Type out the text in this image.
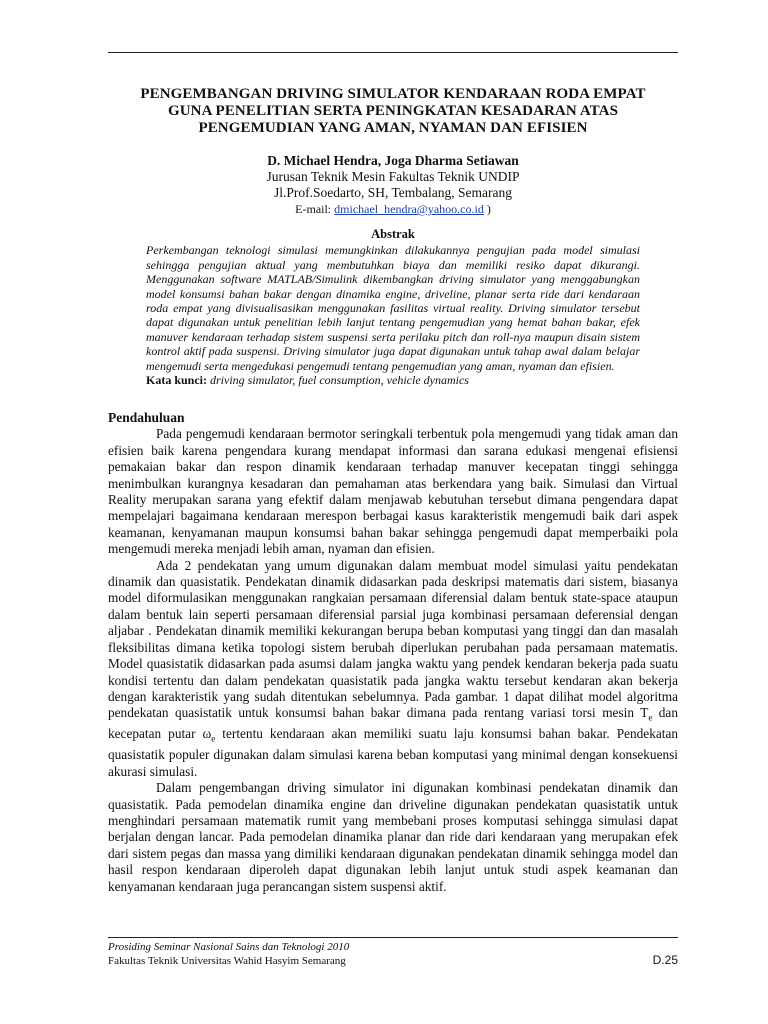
PENGEMBANGAN DRIVING SIMULATOR KENDARAAN RODA EMPAT
GUNA PENELITIAN SERTA PENINGKATAN KESADARAN ATAS
PENGEMUDIAN YANG AMAN, NYAMAN DAN EFISIEN
D. Michael Hendra, Joga Dharma Setiawan
Jurusan Teknik Mesin Fakultas Teknik UNDIP
Jl.Prof.Soedarto, SH, Tembalang, Semarang
E-mail: dmichael_hendra@yahoo.co.id )
Abstrak
Perkembangan teknologi simulasi memungkinkan dilakukannya pengujian pada model simulasi sehingga pengujian aktual yang membutuhkan biaya dan memiliki resiko dapat dikurangi. Menggunakan software MATLAB/Simulink dikembangkan driving simulator yang menggabungkan model konsumsi bahan bakar dengan dinamika engine, driveline, planar serta ride dari kendaraan roda empat yang divisualisasikan menggunakan fasilitas virtual reality. Driving simulator tersebut dapat digunakan untuk penelitian lebih lanjut tentang pengemudian yang hemat bahan bakar, efek manuver kendaraan terhadap sistem suspensi serta perilaku pitch dan roll-nya maupun disain sistem kontrol aktif pada suspensi. Driving simulator juga dapat digunakan untuk tahap awal dalam belajar mengemudi serta mengedukasi pengemudi tentang pengemudian yang aman, nyaman dan efisien.
Kata kunci: driving simulator, fuel consumption, vehicle dynamics
Pendahuluan

Pada pengemudi kendaraan bermotor seringkali terbentuk pola mengemudi yang tidak aman dan efisien baik karena pengendara kurang mendapat informasi dan sarana edukasi mengenai efisiensi pemakaian bakar dan respon dinamik kendaraan terhadap manuver kecepatan tinggi sehingga menimbulkan kurangnya kesadaran dan pemahaman atas berkendara yang baik. Simulasi dan Virtual Reality merupakan sarana yang efektif dalam menjawab kebutuhan tersebut dimana pengendara dapat mempelajari bagaimana kendaraan merespon berbagai kasus karakteristik mengemudi baik dari aspek keamanan, kenyamanan maupun konsumsi bahan bakar sehingga pengemudi dapat memperbaiki pola mengemudi mereka menjadi lebih aman, nyaman dan efisien.

Ada 2 pendekatan yang umum digunakan dalam membuat model simulasi yaitu pendekatan dinamik dan quasistatik. Pendekatan dinamik didasarkan pada deskripsi matematis dari sistem, biasanya model diformulasikan menggunakan rangkaian persamaan diferensial dalam bentuk state-space ataupun dalam bentuk lain seperti persamaan diferensial parsial juga kombinasi persamaan deferensial dengan aljabar . Pendekatan dinamik memiliki kekurangan berupa beban komputasi yang tinggi dan dan masalah fleksibilitas dimana ketika topologi sistem berubah diperlukan perubahan pada persamaan matematis. Model quasistatik didasarkan pada asumsi dalam jangka waktu yang pendek kendaran bekerja pada suatu kondisi tertentu dan dalam pendekatan quasistatik pada jangka waktu tersebut kendaran akan bekerja dengan karakteristik yang sudah ditentukan sebelumnya. Pada gambar. 1 dapat dilihat model algoritma pendekatan quasistatik untuk konsumsi bahan bakar dimana pada rentang variasi torsi mesin $T_e$ dan kecepatan putar $\omega_e$ tertentu kendaraan akan memiliki suatu laju konsumsi bahan bakar. Pendekatan quasistatik populer digunakan dalam simulasi karena beban komputasi yang minimal dengan konsekuensi akurasi simulasi.

Dalam pengembangan driving simulator ini digunakan kombinasi pendekatan dinamik dan quasistatik. Pada pemodelan dinamika engine dan driveline digunakan pendekatan quasistatik untuk menghindari persamaan matematik rumit yang membebani proses komputasi sehingga simulasi dapat berjalan dengan lancar. Pada pemodelan dinamika planar dan ride dari kendaraan yang merupakan efek dari sistem pegas dan massa yang dimiliki kendaraan digunakan pendekatan dinamik sehingga model dan hasil respon kendaraan diperoleh dapat digunakan lebih lanjut untuk studi aspek keamanan dan kenyamanan kendaraan juga perancangan sistem suspensi aktif.

Prosiding Seminar Nasional Sains dan Teknologi 2010
Fakultas Teknik Universitas Wahid Hasyim Semarang	D.25
